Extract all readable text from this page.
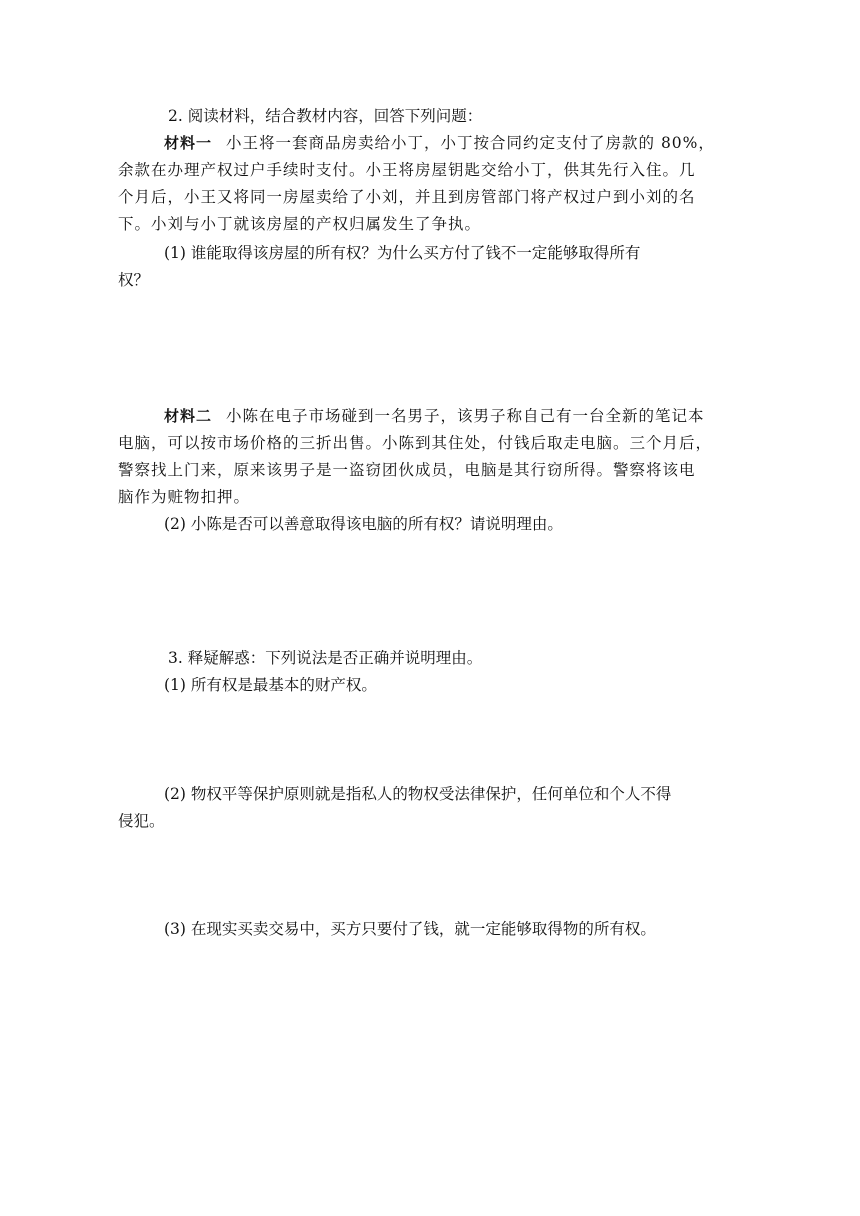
2. 阅读材料，结合教材内容，回答下列问题：
材料一 小王将一套商品房卖给小丁，小丁按合同约定支付了房款的 80%，
余款在办理产权过户手续时支付。小王将房屋钥匙交给小丁，供其先行入住。几
个月后，小王又将同一房屋卖给了小刘，并且到房管部门将产权过户到小刘的名
下。小刘与小丁就该房屋的产权归属发生了争执。
(1) 谁能取得该房屋的所有权？为什么买方付了钱不一定能够取得所有
权？
材料二 小陈在电子市场碰到一名男子，该男子称自己有一台全新的笔记本
电脑，可以按市场价格的三折出售。小陈到其住处，付钱后取走电脑。三个月后，
警察找上门来，原来该男子是一盗窃团伙成员，电脑是其行窃所得。警察将该电
脑作为赃物扣押。
(2) 小陈是否可以善意取得该电脑的所有权？请说明理由。
3. 释疑解惑：下列说法是否正确并说明理由。
(1) 所有权是最基本的财产权。
(2) 物权平等保护原则就是指私人的物权受法律保护，任何单位和个人不得
侵犯。
(3) 在现实买卖交易中，买方只要付了钱，就一定能够取得物的所有权。
